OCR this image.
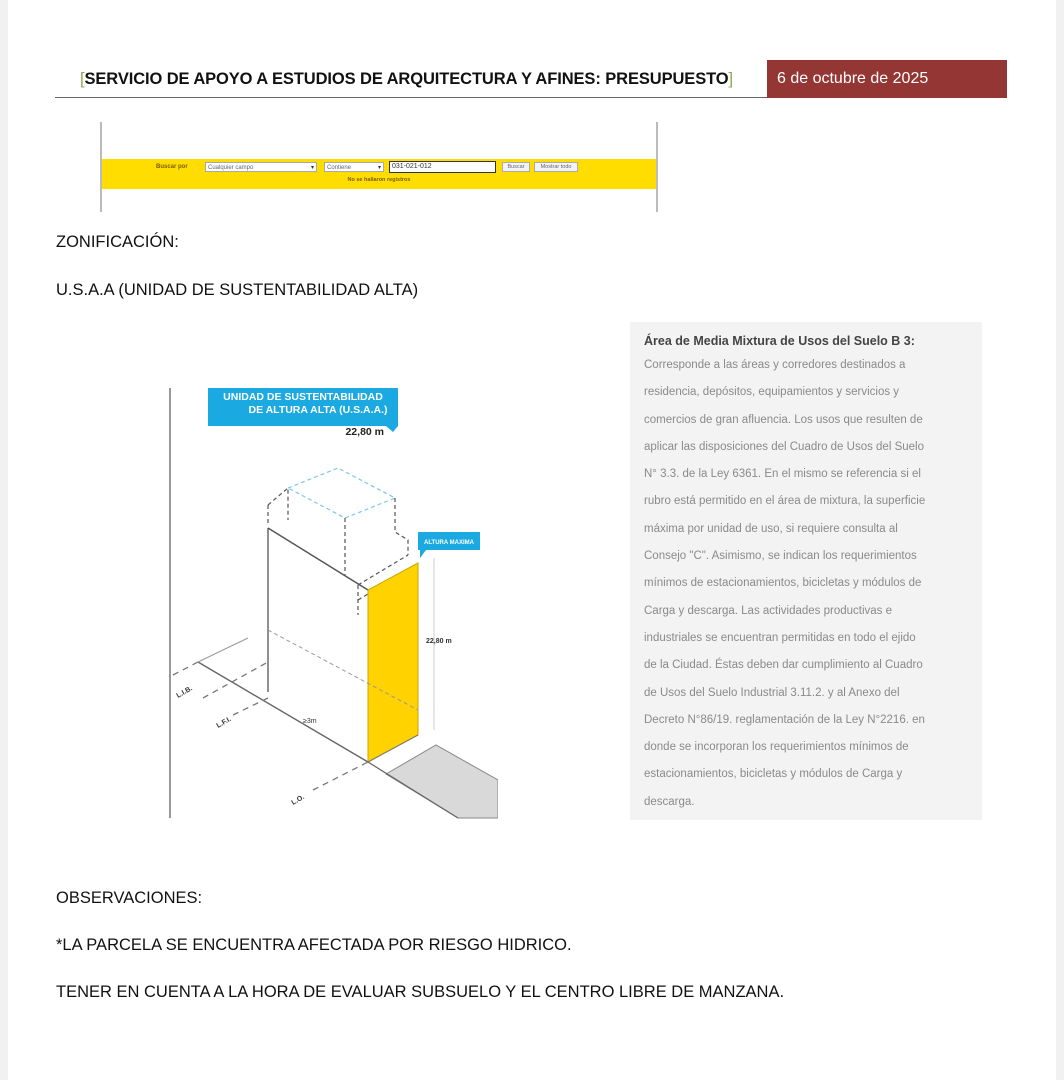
[SERVICIO DE APOYO A ESTUDIOS DE ARQUITECTURA Y AFINES: PRESUPUESTO]	6 de octubre de 2025
Buscar por	Cualquier campo	▾	Contiene	▾	031-021-012	Buscar	Mostrar todo
No se hallaron registros
ZONIFICACIÓN:
U.S.A.A (UNIDAD DE SUSTENTABILIDAD ALTA)
UNIDAD DE SUSTENTABILIDAD
DE ALTURA ALTA (U.S.A.A.)
22,80 m
ALTURA MAXIMA
22,80 m
≥3m
L.I.B.
L.F.I.
L.O.
Área de Media Mixtura de Usos del Suelo B 3:
Corresponde a las áreas y corredores destinados a
residencia, depósitos, equipamientos y servicios y
comercios de gran afluencia. Los usos que resulten de
aplicar las disposiciones del Cuadro de Usos del Suelo
N° 3.3. de la Ley 6361. En el mismo se referencia si el
rubro está permitido en el área de mixtura, la superficie
máxima por unidad de uso, si requiere consulta al
Consejo "C". Asimismo, se indican los requerimientos
mínimos de estacionamientos, bicicletas y módulos de
Carga y descarga. Las actividades productivas e
industriales se encuentran permitidas en todo el ejido
de la Ciudad. Éstas deben dar cumplimiento al Cuadro
de Usos del Suelo Industrial 3.11.2. y al Anexo del
Decreto N°86/19. reglamentación de la Ley N°2216. en
donde se incorporan los requerimientos mínimos de
estacionamientos, bicicletas y módulos de Carga y
descarga.
OBSERVACIONES:
*LA PARCELA SE ENCUENTRA AFECTADA POR RIESGO HIDRICO.
TENER EN CUENTA A LA HORA DE EVALUAR SUBSUELO Y EL CENTRO LIBRE DE MANZANA.
